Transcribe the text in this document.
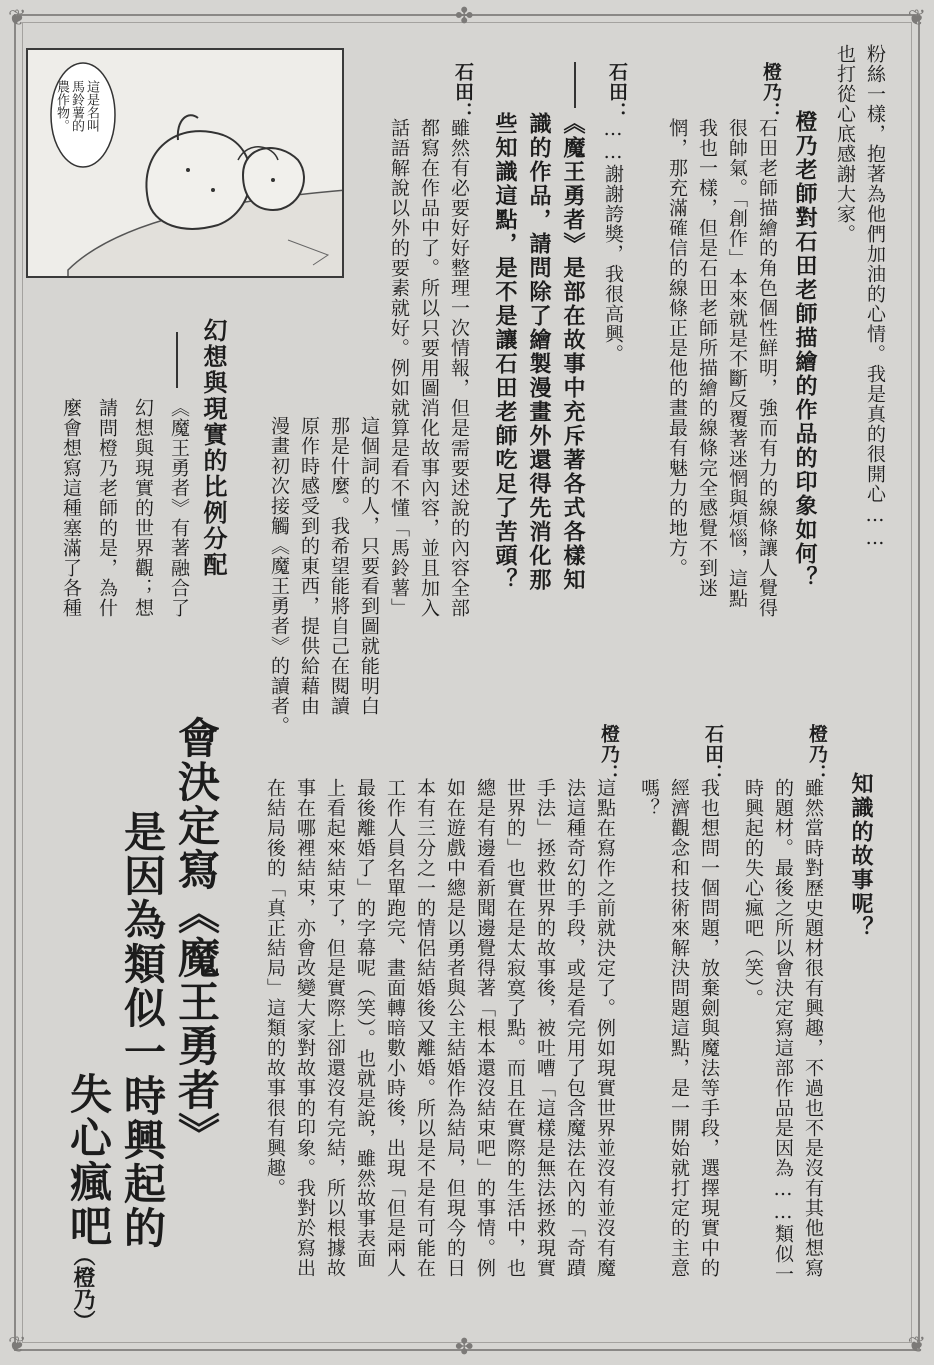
❦	❦
❦	❦
✤
✤
粉絲一樣，抱著為他們加油的心情。我是真的很開心……
也打從心底感謝大家。
橙乃老師對石田老師描繪的作品的印象如何？
橙乃：
石田老師描繪的角色個性鮮明，強而有力的線條讓人覺得
很帥氣。「創作」本來就是不斷反覆著迷惘與煩惱，這點
我也一樣，但是石田老師所描繪的線條完全感覺不到迷
惘，那充滿確信的線條正是他的畫最有魅力的地方。
石田：
……謝謝誇獎，我很高興。
《魔王勇者》是部在故事中充斥著各式各樣知
識的作品，請問除了繪製漫畫外還得先消化那
些知識這點，是不是讓石田老師吃足了苦頭？
石田：
雖然有必要好好整理一次情報，但是需要述說的內容全部
都寫在作品中了。所以只要用圖消化故事內容，並且加入
話語解說以外的要素就好。例如就算是看不懂「馬鈴薯」
這個詞的人，只要看到圖就能明白
那是什麼。我希望能將自己在閱讀
原作時感受到的東西，提供給藉由
漫畫初次接觸《魔王勇者》的讀者。
這是名叫
馬鈴薯的
農作物。
幻想與現實的比例分配
《魔王勇者》有著融合了
幻想與現實的世界觀；想
請問橙乃老師的是，為什
麼會想寫這種塞滿了各種
知識的故事呢？
橙乃：
雖然當時對歷史題材很有興趣，不過也不是沒有其他想寫
的題材。最後之所以會決定寫這部作品是因為……類似一
時興起的失心瘋吧（笑）。
石田：
我也想問一個問題，放棄劍與魔法等手段，選擇現實中的
經濟觀念和技術來解決問題這點，是一開始就打定的主意
嗎？
橙乃：
這點在寫作之前就決定了。例如現實世界並沒有並沒有魔
法這種奇幻的手段，或是看完用了包含魔法在內的「奇蹟
手法」拯救世界的故事後，被吐嘈「這樣是無法拯救現實
世界的」也實在是太寂寞了點。而且在實際的生活中，也
總是有邊看新聞邊覺得著「根本還沒結束吧」的事情。例
如在遊戲中總是以勇者與公主結婚作為結局，但現今的日
本有三分之一的情侶結婚後又離婚。所以是不是有可能在
工作人員名單跑完、畫面轉暗數小時後，出現「但是兩人
最後離婚了」的字幕呢（笑）。也就是說，雖然故事表面
上看起來結束了，但是實際上卻還沒有完結，所以根據故
事在哪裡結束，亦會改變大家對故事的印象。我對於寫出
在結局後的「真正結局」這類的故事很有興趣。
會決定寫《魔王勇者》
是因為類似一時興起的
失心瘋吧
（橙乃）
